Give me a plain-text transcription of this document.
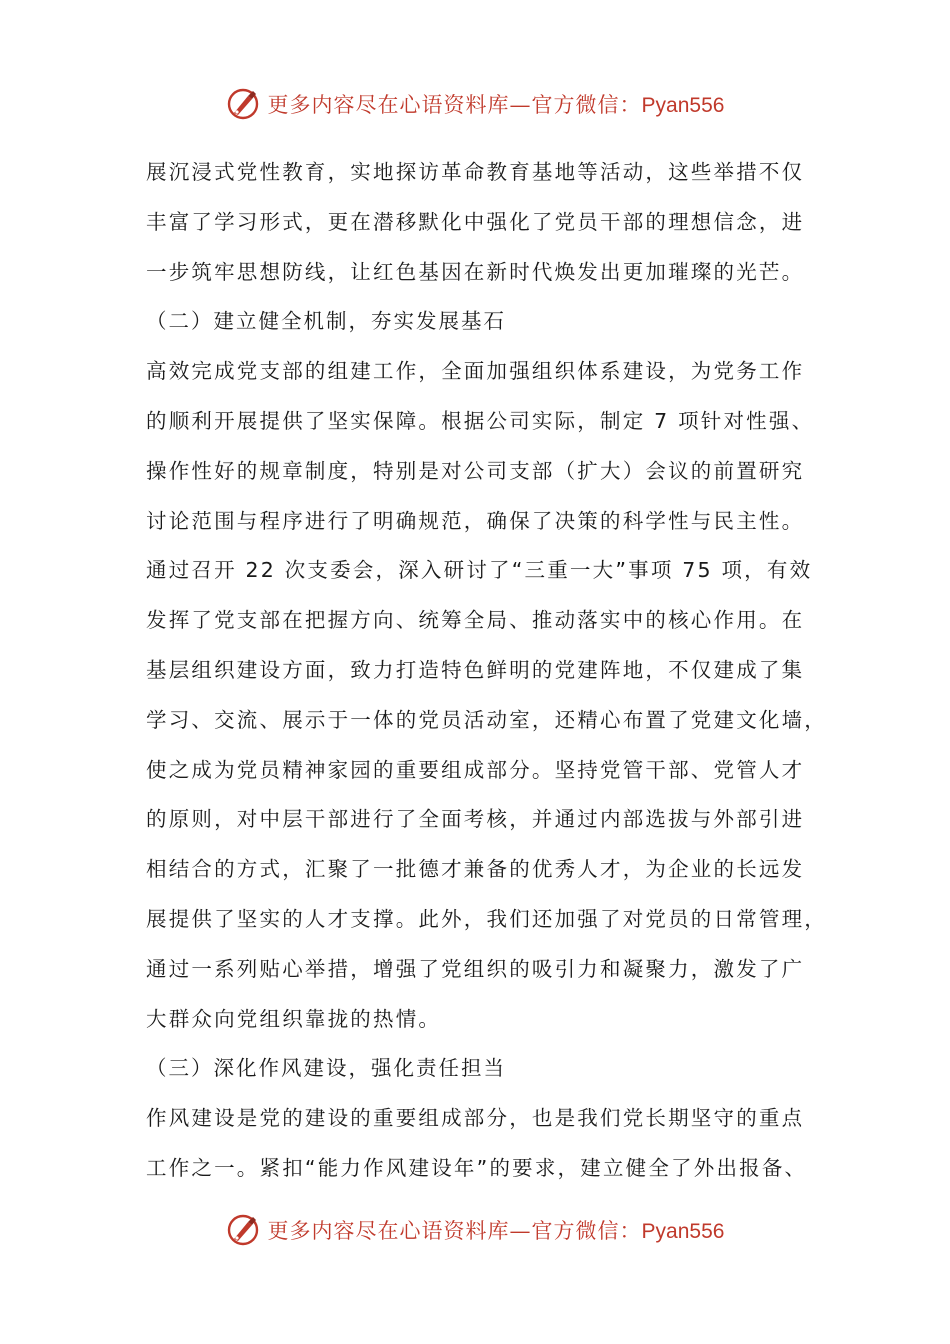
更多内容尽在心语资料库—官方微信：Pyan556
展沉浸式党性教育，实地探访革命教育基地等活动，这些举措不仅
丰富了学习形式，更在潜移默化中强化了党员干部的理想信念，进
一步筑牢思想防线，让红色基因在新时代焕发出更加璀璨的光芒。
（二）建立健全机制，夯实发展基石
高效完成党支部的组建工作，全面加强组织体系建设，为党务工作
的顺利开展提供了坚实保障。根据公司实际，制定 7 项针对性强、
操作性好的规章制度，特别是对公司支部（扩大）会议的前置研究
讨论范围与程序进行了明确规范，确保了决策的科学性与民主性。
通过召开 22 次支委会，深入研讨了“三重一大”事项 75 项，有效
发挥了党支部在把握方向、统筹全局、推动落实中的核心作用。在
基层组织建设方面，致力打造特色鲜明的党建阵地，不仅建成了集
学习、交流、展示于一体的党员活动室，还精心布置了党建文化墙，
使之成为党员精神家园的重要组成部分。坚持党管干部、党管人才
的原则，对中层干部进行了全面考核，并通过内部选拔与外部引进
相结合的方式，汇聚了一批德才兼备的优秀人才，为企业的长远发
展提供了坚实的人才支撑。此外，我们还加强了对党员的日常管理，
通过一系列贴心举措，增强了党组织的吸引力和凝聚力，激发了广
大群众向党组织靠拢的热情。
（三）深化作风建设，强化责任担当
作风建设是党的建设的重要组成部分，也是我们党长期坚守的重点
工作之一。紧扣“能力作风建设年”的要求，建立健全了外出报备、
更多内容尽在心语资料库—官方微信：Pyan556
